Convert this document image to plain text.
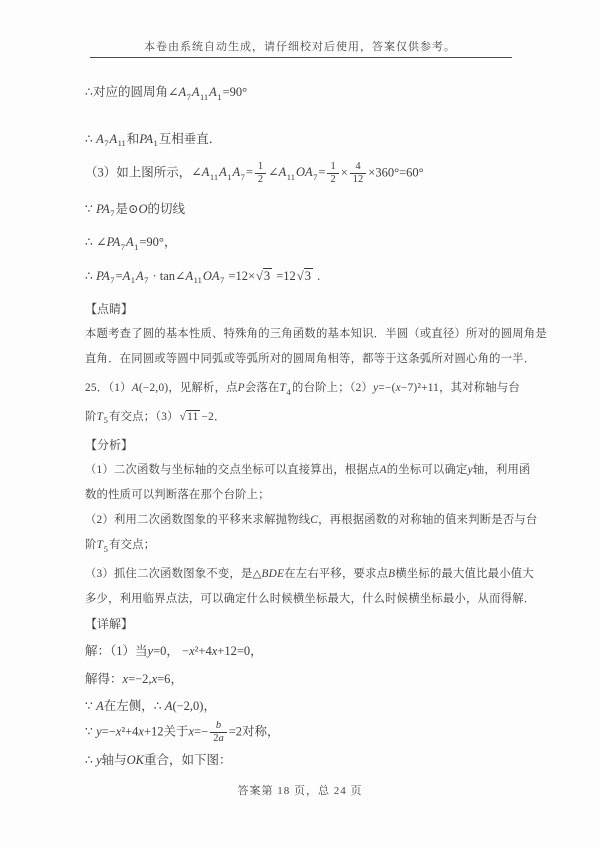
本卷由系统自动生成，请仔细校对后使用，答案仅供参考。
∴对应的圆周角$\angle A_7A_{11}A_1=90^\circ$
∴ $A_7A_{11}$和$PA_1$互相垂直．
（3）如上图所示，$\angle A_{11}A_1A_7= \frac{1}{2}$ $\angle A_{11}OA_7= \frac{1}{2} \times \frac{4}{12} \times 360^\circ=60^\circ$
∵ $PA_7$是⊙O的切线
∴ $\angle PA_7A_1=90^\circ$，
∴ $PA_7=A_1A_7$ · $\tan\angle A_{11}OA_7 =12\times√3 =12√3$ .
【点睛】
本题考查了圆的基本性质、特殊角的三角函数的基本知识．半圆（或直径）所对的圆周角是
直角．在同圆或等圆中同弧或等弧所对的圆周角相等，都等于这条弧所对圆心角的一半．
25．（1）A(−2,0)，见解析，点P会落在$T_4$的台阶上；（2）y=−(x−7)²+11，其对称轴与台
阶$T_5$有交点；（3）√11 −2．
【分析】
（1）二次函数与坐标轴的交点坐标可以直接算出，根据点A的坐标可以确定y轴，利用函
数的性质可以判断落在那个台阶上；
（2）利用二次函数图象的平移来求解抛物线C，再根据函数的对称轴的值来判断是否与台
阶$T_5$有交点；
（3）抓住二次函数图象不变，是△BDE在左右平移，要求点B横坐标的最大值比最小值大
多少，利用临界点法，可以确定什么时候横坐标最大，什么时候横坐标最小，从而得解．
【详解】
解：（1）当y=0， −x²+4x+12=0，
解得：x=−2,x=6，
∵ A在左侧，∴ A(−2,0)，
∵ y=−x²+4x+12关于$x=- \frac{b}{2a} =2$对称，
∴ y轴与OK重合，如下图：
答案第 18 页，总 24 页
